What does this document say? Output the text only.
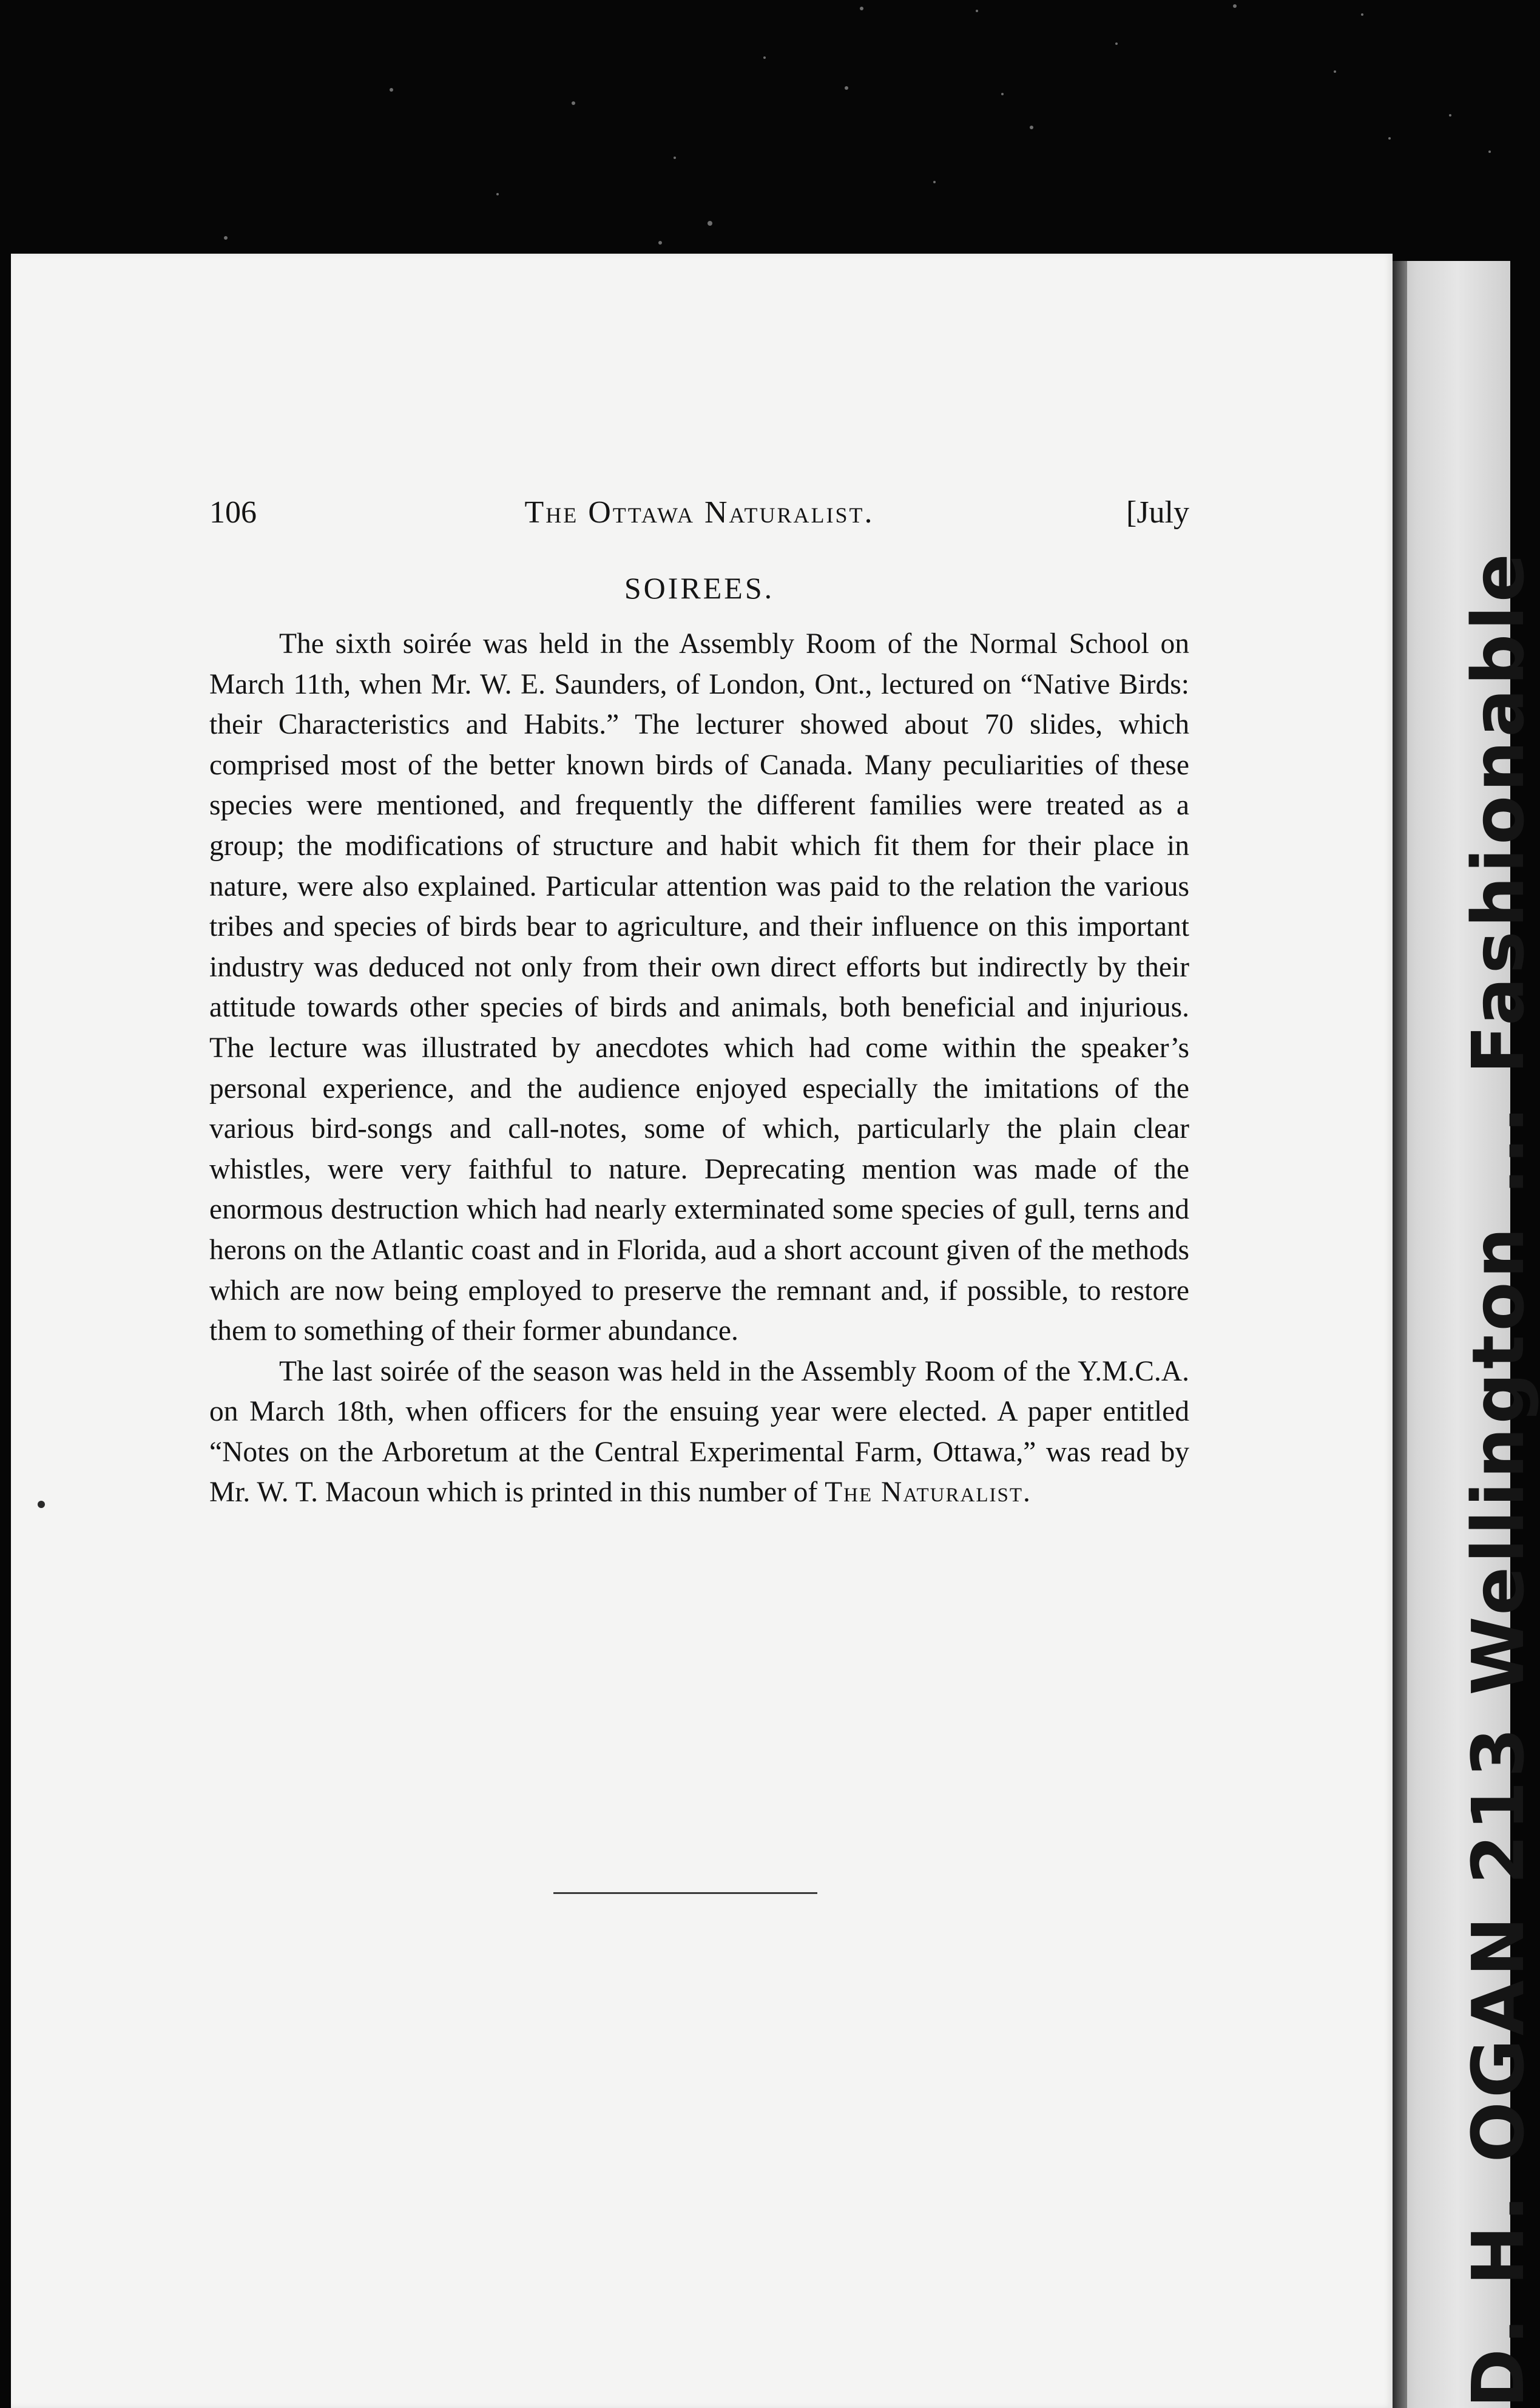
D. H. OGAN 213 Wellington ... Fashionable
106	The Ottawa Naturalist.	[July
SOIREES.

The sixth soirée was held in the Assembly Room of the Normal School on March 11th, when Mr. W. E. Saunders, of London, Ont., lectured on “Native Birds: their Characteristics and Habits.” The lecturer showed about 70 slides, which comprised most of the better known birds of Canada. Many peculiarities of these species were mentioned, and frequently the different families were treated as a group; the modifications of structure and habit which fit them for their place in nature, were also explained. Particular attention was paid to the relation the various tribes and species of birds bear to agriculture, and their influence on this important industry was deduced not only from their own direct efforts but indirectly by their attitude towards other species of birds and animals, both beneficial and injurious. The lecture was illustrated by anecdotes which had come within the speaker’s personal experience, and the audience enjoyed especially the imitations of the various bird-songs and call-notes, some of which, particularly the plain clear whistles, were very faithful to nature. Deprecating mention was made of the enormous destruction which had nearly exterminated some species of gull, terns and herons on the Atlantic coast and in Florida, aud a short account given of the methods which are now being employed to preserve the remnant and, if possible, to restore them to something of their former abundance.

The last soirée of the season was held in the Assembly Room of the Y.M.C.A. on March 18th, when officers for the ensuing year were elected. A paper entitled “Notes on the Arboretum at the Central Experimental Farm, Ottawa,” was read by Mr. W. T. Macoun which is printed in this number of The Naturalist.
